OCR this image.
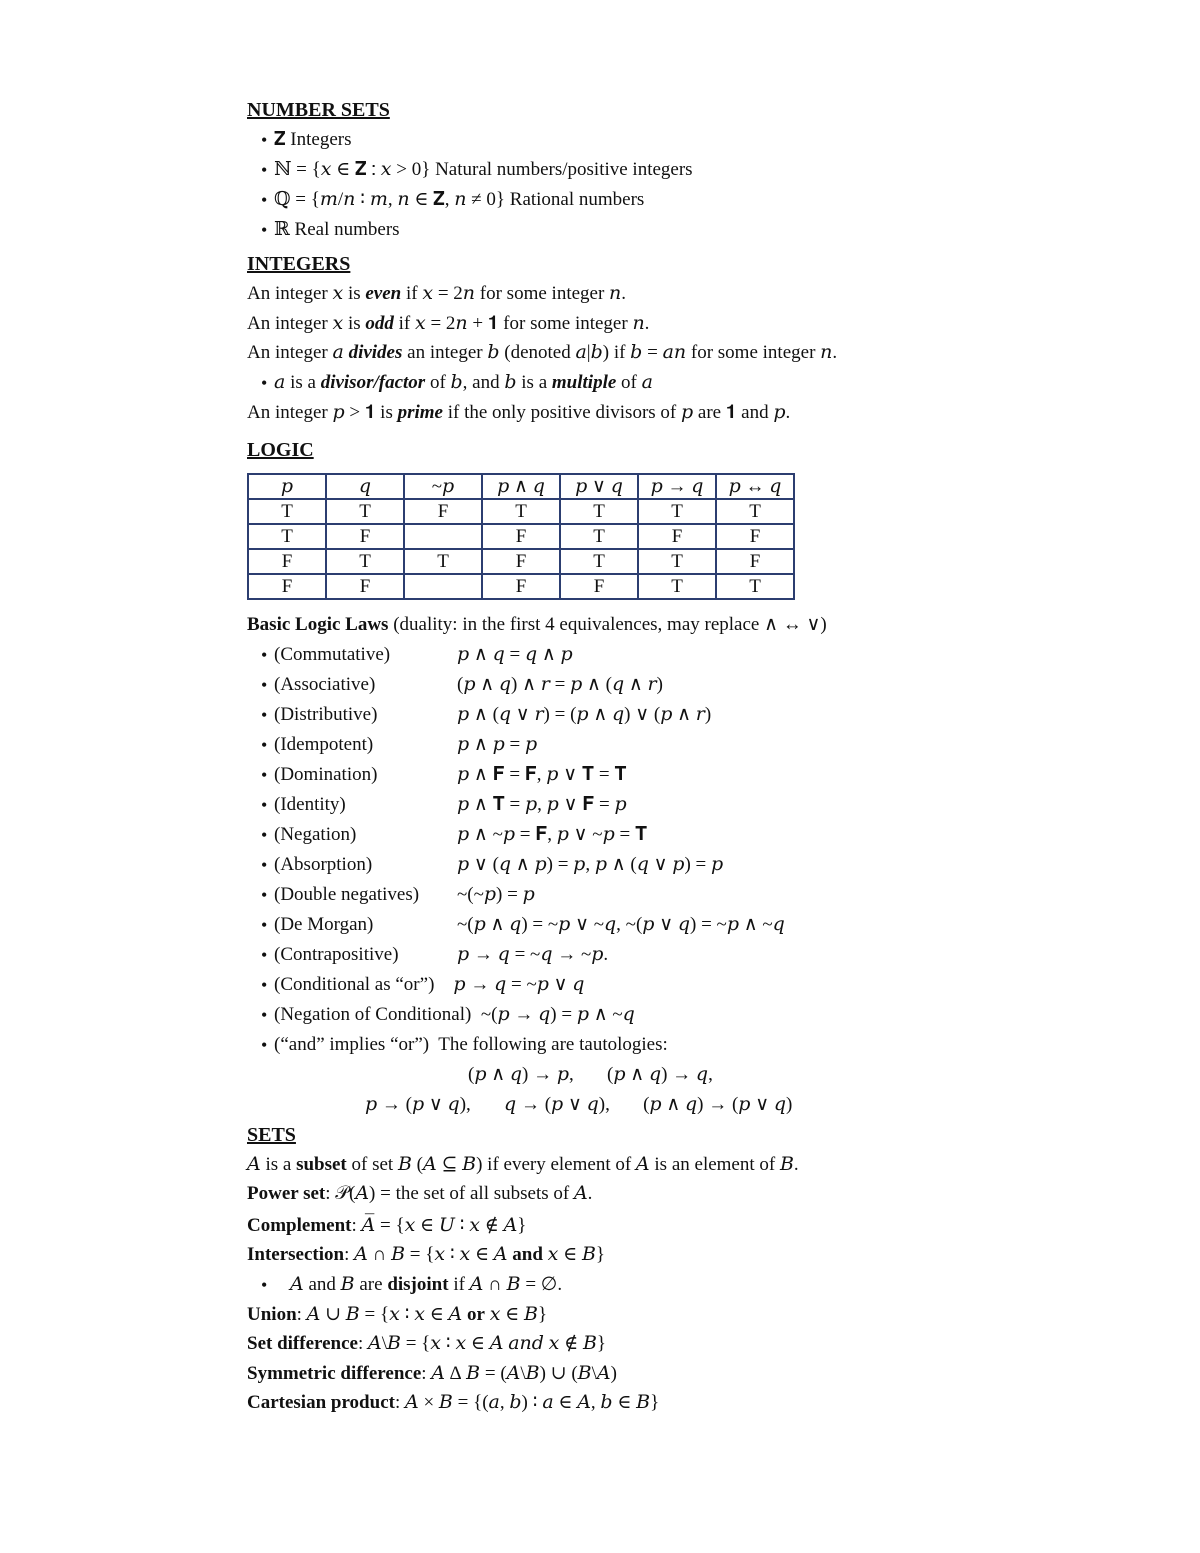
NUMBER SETS

• 𝐙 Integers
• ℕ = {𝑥 ∈ 𝐙 ∶ 𝑥 > 0} Natural numbers/positive integers
• ℚ = {𝑚/𝑛 ∶ 𝑚, 𝑛 ∈ 𝐙, 𝑛 ≠ 0} Rational numbers
• ℝ Real numbers

INTEGERS

An integer 𝑥 is even if 𝑥 = 2𝑛 for some integer 𝑛.

An integer 𝑥 is odd if 𝑥 = 2𝑛 + 𝟏 for some integer 𝑛.

An integer 𝑎 divides an integer 𝑏 (denoted 𝑎|𝑏) if 𝑏 = 𝑎𝑛 for some integer 𝑛.

• 𝑎 is a divisor/factor of 𝑏, and 𝑏 is a multiple of 𝑎

An integer 𝑝 > 𝟏 is prime if the only positive divisors of 𝑝 are 𝟏 and 𝑝.

LOGIC

𝑝	𝑞	~𝑝	𝑝 ∧ 𝑞	𝑝 ∨ 𝑞	𝑝 → 𝑞	𝑝 ↔ 𝑞
T	T	F	T	T	T	T
T	F		F	T	F	F
F	T	T	F	T	T	F
F	F		F	F	T	T

Basic Logic Laws (duality: in the first 4 equivalences, may replace ∧ ↔ ∨)

• (Commutative)	𝑝 ∧ 𝑞 = 𝑞 ∧ 𝑝
• (Associative)	(𝑝 ∧ 𝑞) ∧ 𝑟 = 𝑝 ∧ (𝑞 ∧ 𝑟)
• (Distributive)	𝑝 ∧ (𝑞 ∨ 𝑟) = (𝑝 ∧ 𝑞) ∨ (𝑝 ∧ 𝑟)
• (Idempotent)	𝑝 ∧ 𝑝 = 𝑝
• (Domination)	𝑝 ∧ 𝐅 = 𝐅, 𝑝 ∨ 𝐓 = 𝐓
• (Identity)	𝑝 ∧ 𝐓 = 𝑝, 𝑝 ∨ 𝐅 = 𝑝
• (Negation)	𝑝 ∧ ~𝑝 = 𝐅, 𝑝 ∨ ~𝑝 = 𝐓
• (Absorption)	𝑝 ∨ (𝑞 ∧ 𝑝) = 𝑝, 𝑝 ∧ (𝑞 ∨ 𝑝) = 𝑝
• (Double negatives)	~(~𝑝) = 𝑝
• (De Morgan)	~(𝑝 ∧ 𝑞) = ~𝑝 ∨ ~𝑞, ~(𝑝 ∨ 𝑞) = ~𝑝 ∧ ~𝑞
• (Contrapositive)	𝑝 → 𝑞 = ~𝑞 → ~𝑝.
• (Conditional as “or”)    𝑝 → 𝑞 = ~𝑝 ∨ 𝑞
• (Negation of Conditional)  ~(𝑝 → 𝑞) = 𝑝 ∧ ~𝑞
• (“and” implies “or”)  The following are tautologies:

(𝑝 ∧ 𝑞) → 𝑝,       (𝑝 ∧ 𝑞) → 𝑞,

𝑝 → (𝑝 ∨ 𝑞),       𝑞 → (𝑝 ∨ 𝑞),       (𝑝 ∧ 𝑞) → (𝑝 ∨ 𝑞)

SETS

𝐴 is a subset of set 𝐵 (𝐴 ⊆ 𝐵) if every element of 𝐴 is an element of 𝐵.

Power set: 𝒫(𝐴) = the set of all subsets of 𝐴.

Complement: 𝐴̅ = {𝑥 ∈ 𝑈 ∶ 𝑥 ∉ 𝐴}

Intersection: 𝐴 ∩ 𝐵 = {𝑥 ∶ 𝑥 ∈ 𝐴 and 𝑥 ∈ 𝐵}

• 𝐴 and 𝐵 are disjoint if 𝐴 ∩ 𝐵 = ∅.

Union: 𝐴 ∪ 𝐵 = {𝑥 ∶ 𝑥 ∈ 𝐴 or 𝑥 ∈ 𝐵}

Set difference: 𝐴\𝐵 = {𝑥 ∶ 𝑥 ∈ 𝐴 𝑎𝑛𝑑 𝑥 ∉ 𝐵}

Symmetric difference: 𝐴 ∆ 𝐵 = (𝐴\𝐵) ∪ (𝐵\𝐴)

Cartesian product: 𝐴 × 𝐵 = {(𝑎, 𝑏) ∶ 𝑎 ∈ 𝐴, 𝑏 ∈ 𝐵}
